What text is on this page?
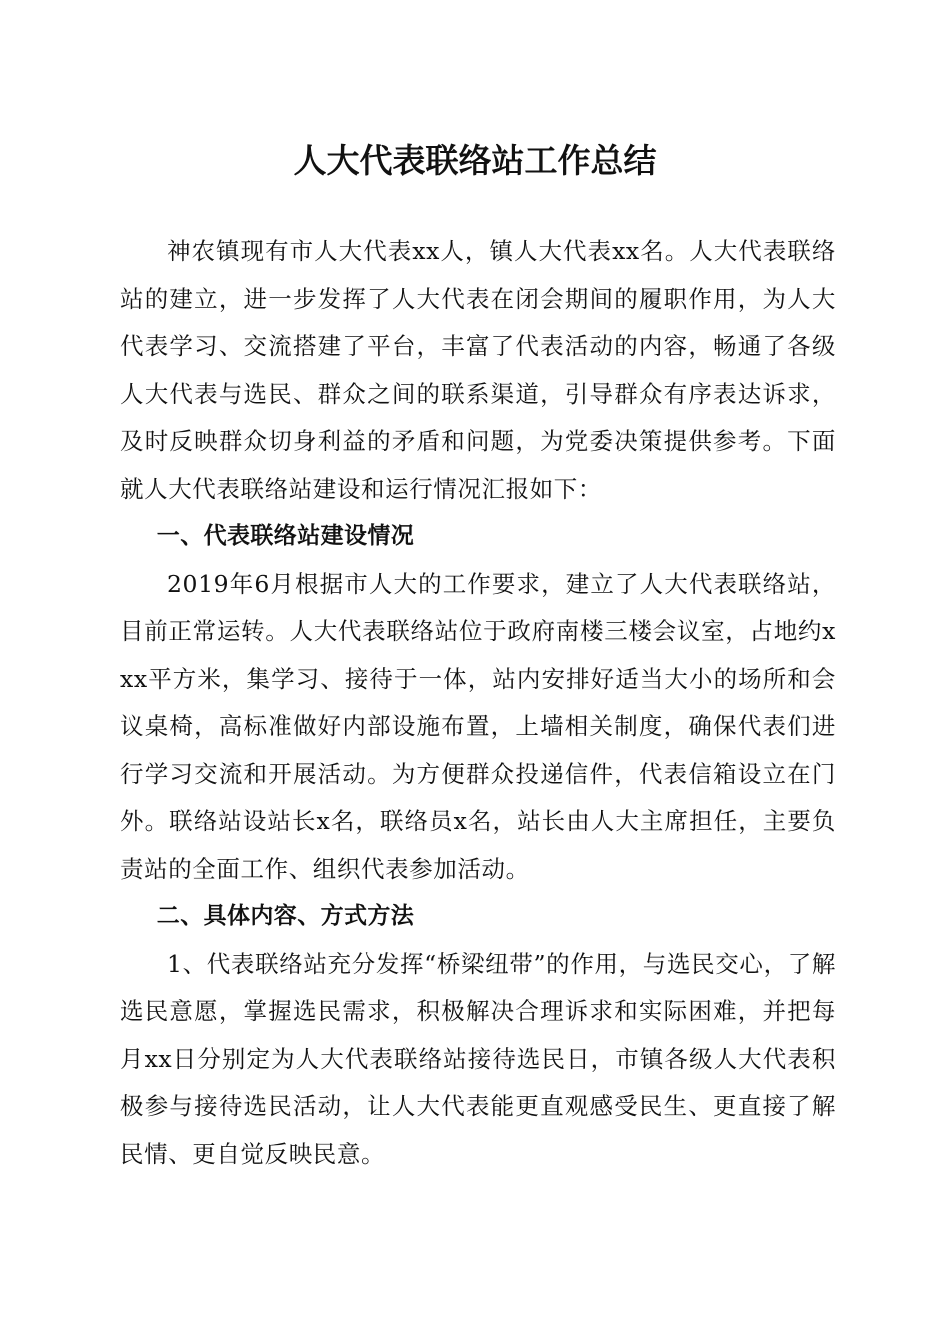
人大代表联络站工作总结

神农镇现有市人大代表xx人，镇人大代表xx名。人大代表联络站的建立，进一步发挥了人大代表在闭会期间的履职作用，为人大代表学习、交流搭建了平台，丰富了代表活动的内容，畅通了各级人大代表与选民、群众之间的联系渠道，引导群众有序表达诉求，及时反映群众切身利益的矛盾和问题，为党委决策提供参考。下面就人大代表联络站建设和运行情况汇报如下：

一、代表联络站建设情况

2019年6月根据市人大的工作要求，建立了人大代表联络站，目前正常运转。人大代表联络站位于政府南楼三楼会议室，占地约xxx平方米，集学习、接待于一体，站内安排好适当大小的场所和会议桌椅，高标准做好内部设施布置，上墙相关制度，确保代表们进行学习交流和开展活动。为方便群众投递信件，代表信箱设立在门外。联络站设站长x名，联络员x名，站长由人大主席担任，主要负责站的全面工作、组织代表参加活动。

二、具体内容、方式方法

1、代表联络站充分发挥“桥梁纽带”的作用，与选民交心，了解选民意愿，掌握选民需求，积极解决合理诉求和实际困难，并把每月xx日分别定为人大代表联络站接待选民日，市镇各级人大代表积极参与接待选民活动，让人大代表能更直观感受民生、更直接了解民情、更自觉反映民意。
